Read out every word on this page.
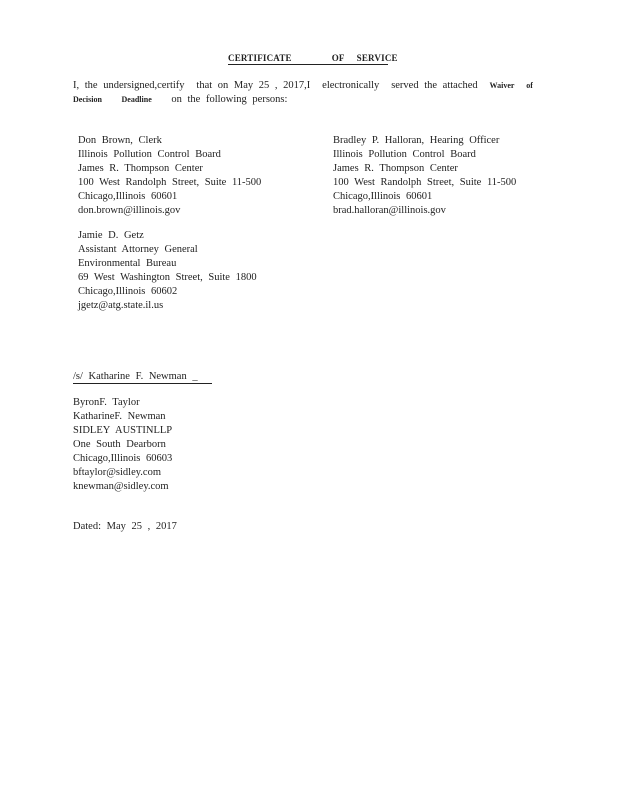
CERTIFICATE	OF SERVICE
I, the undersigned,certify that on May 25 , 2017,I electronically served the attached Waiver of
Decision Deadline on the following persons:
Don Brown, Clerk
Illinois Pollution Control Board
James R. Thompson Center
100 West Randolph Street, Suite 11-500
Chicago,Illinois 60601
don.brown@illinois.gov
Bradley P. Halloran, Hearing Officer
Illinois Pollution Control Board
James R. Thompson Center
100 West Randolph Street, Suite 11-500
Chicago,Illinois 60601
brad.halloran@illinois.gov
Jamie D. Getz
Assistant Attorney General
Environmental Bureau
69 West Washington Street, Suite 1800
Chicago,Illinois 60602
jgetz@atg.state.il.us
/s/ Katharine F. Newman _
ByronF. Taylor
KatharineF. Newman
SIDLEY AUSTINLLP
One South Dearborn
Chicago,Illinois 60603
bftaylor@sidley.com
knewman@sidley.com
Dated: May 25 , 2017
